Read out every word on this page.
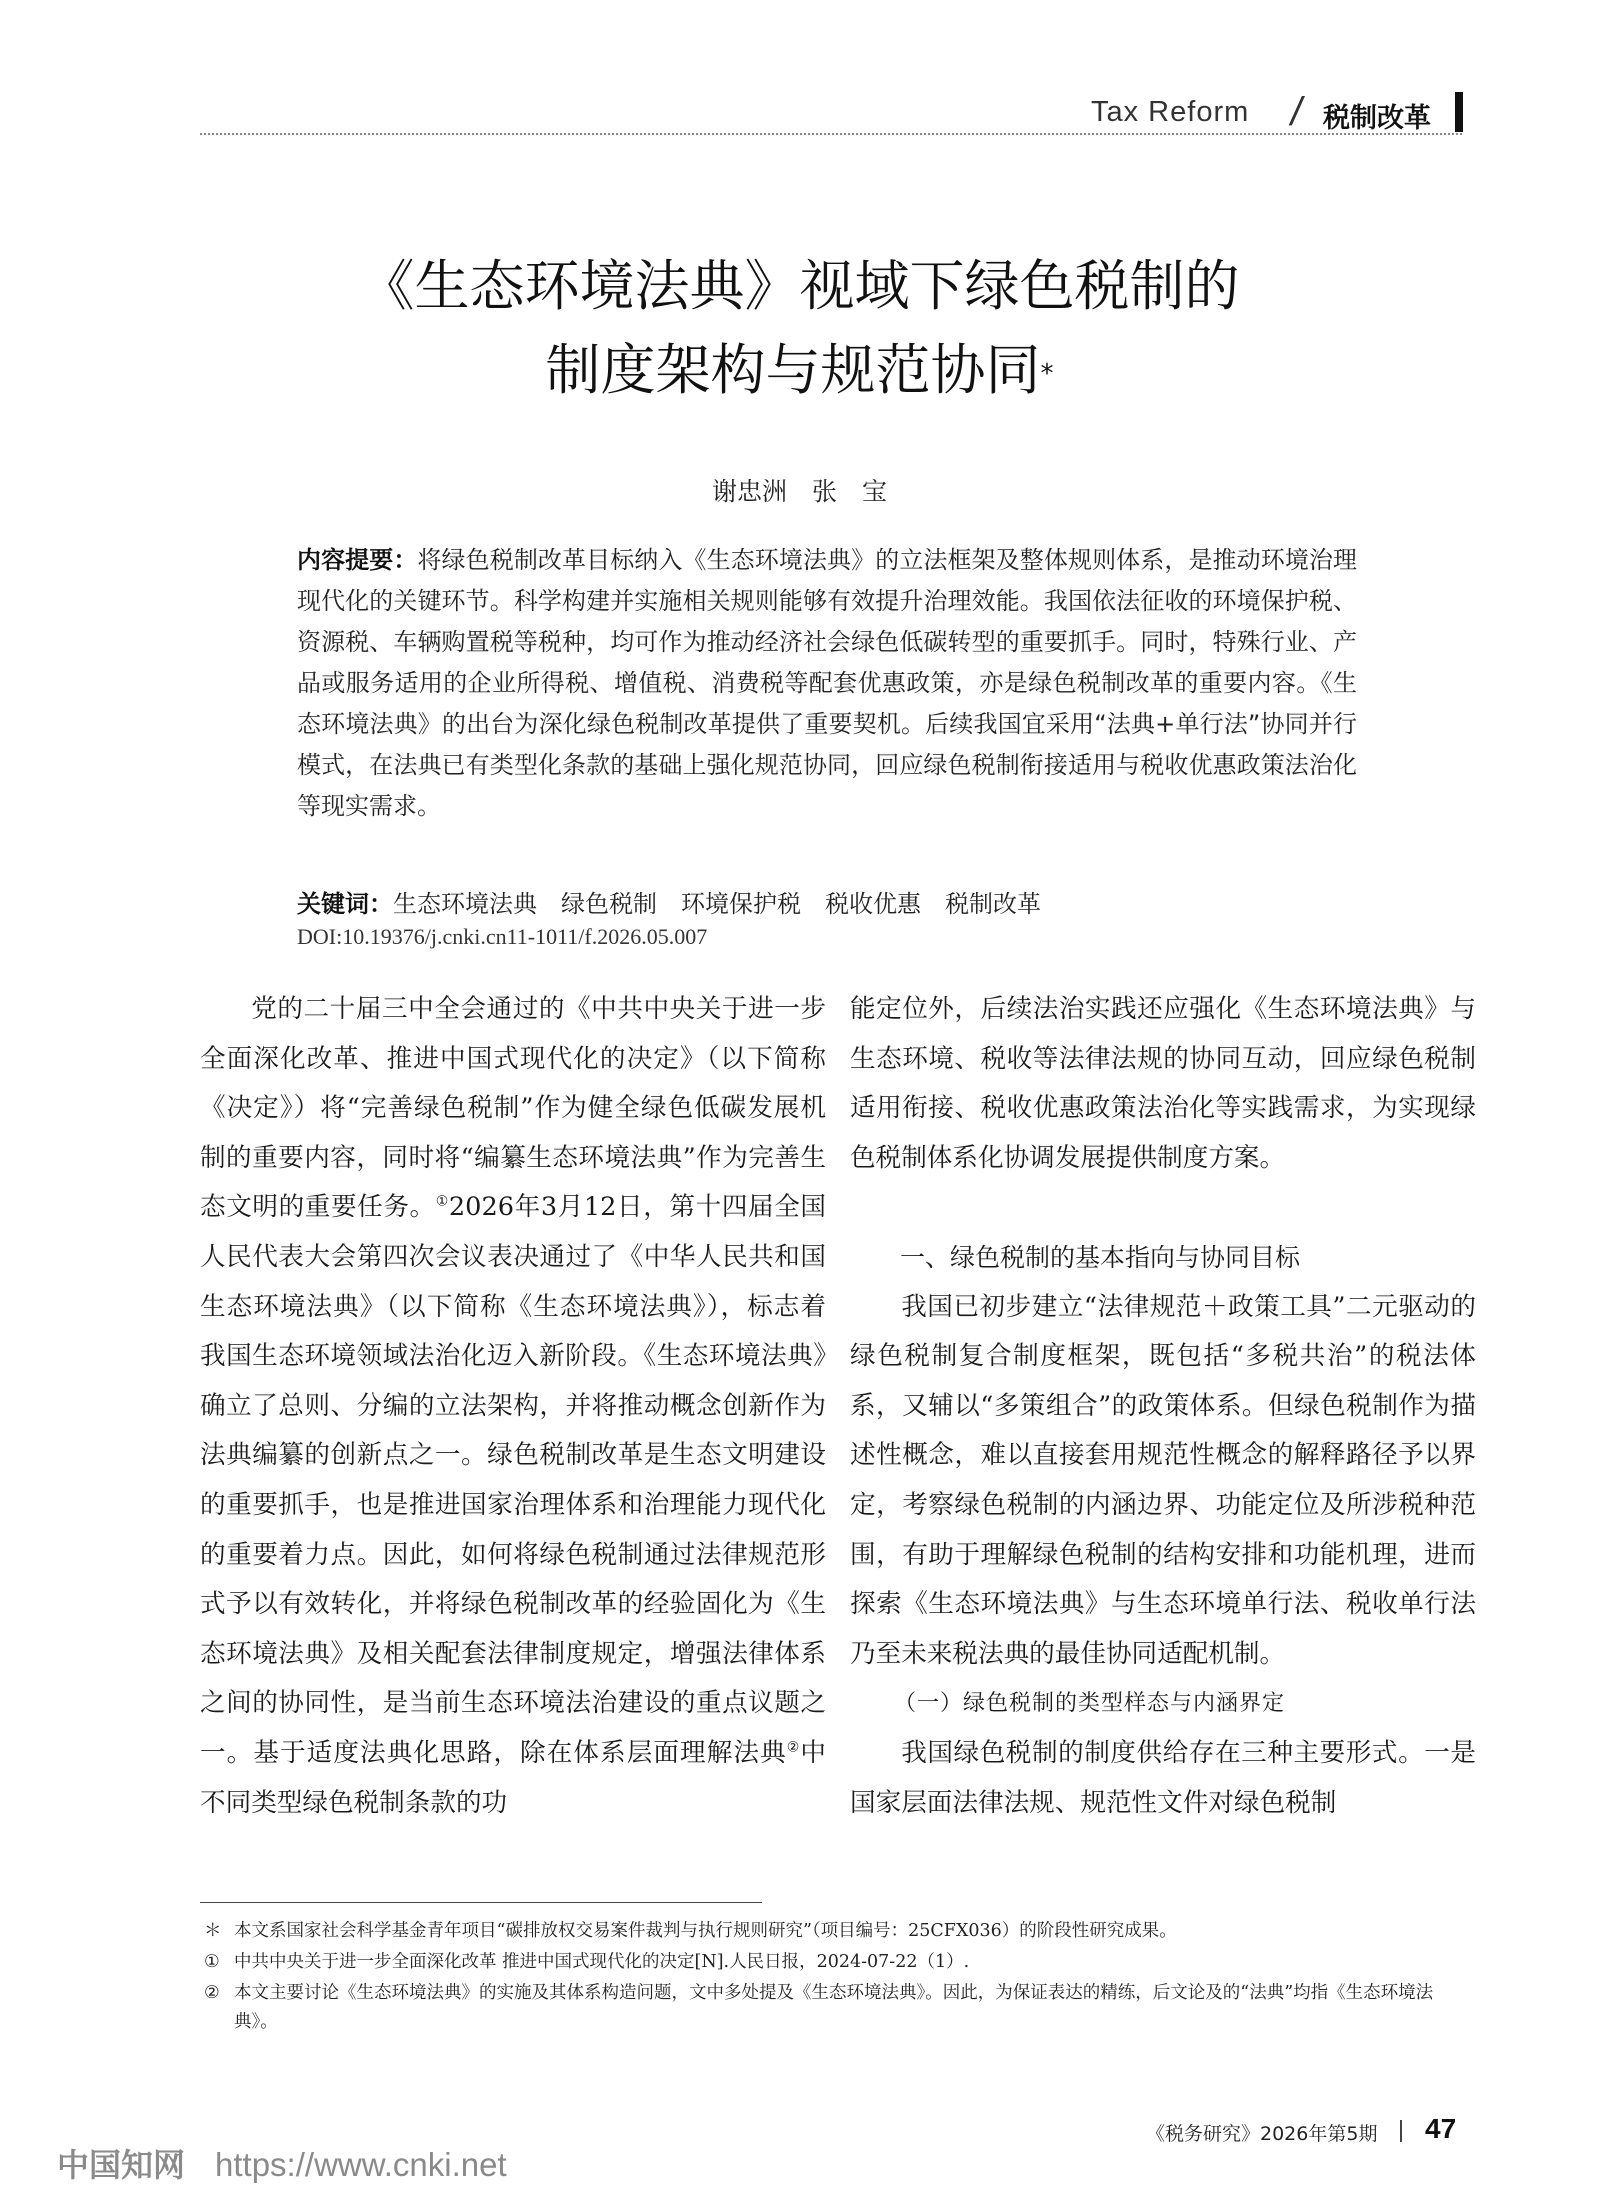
Tax Reform / 税制改革
《生态环境法典》视域下绿色税制的
制度架构与规范协同*
谢忠洲　张　宝
内容提要：将绿色税制改革目标纳入《生态环境法典》的立法框架及整体规则体系，是推动环境治理现代化的关键环节。科学构建并实施相关规则能够有效提升治理效能。我国依法征收的环境保护税、资源税、车辆购置税等税种，均可作为推动经济社会绿色低碳转型的重要抓手。同时，特殊行业、产品或服务适用的企业所得税、增值税、消费税等配套优惠政策，亦是绿色税制改革的重要内容。《生态环境法典》的出台为深化绿色税制改革提供了重要契机。后续我国宜采用“法典+单行法”协同并行模式，在法典已有类型化条款的基础上强化规范协同，回应绿色税制衔接适用与税收优惠政策法治化等现实需求。
关键词：生态环境法典 绿色税制 环境保护税 税收优惠 税制改革
DOI:10.19376/j.cnki.cn11-1011/f.2026.05.007

党的二十届三中全会通过的《中共中央关于进一步全面深化改革、推进中国式现代化的决定》（以下简称《决定》）将“完善绿色税制”作为健全绿色低碳发展机制的重要内容，同时将“编纂生态环境法典”作为完善生态文明的重要任务。①2026年3月12日，第十四届全国人民代表大会第四次会议表决通过了《中华人民共和国生态环境法典》（以下简称《生态环境法典》），标志着我国生态环境领域法治化迈入新阶段。《生态环境法典》确立了总则、分编的立法架构，并将推动概念创新作为法典编纂的创新点之一。绿色税制改革是生态文明建设的重要抓手，也是推进国家治理体系和治理能力现代化的重要着力点。因此，如何将绿色税制通过法律规范形式予以有效转化，并将绿色税制改革的经验固化为《生态环境法典》及相关配套法律制度规定，增强法律体系之间的协同性，是当前生态环境法治建设的重点议题之一。基于适度法典化思路，除在体系层面理解法典②中不同类型绿色税制条款的功

能定位外，后续法治实践还应强化《生态环境法典》与生态环境、税收等法律法规的协同互动，回应绿色税制适用衔接、税收优惠政策法治化等实践需求，为实现绿色税制体系化协调发展提供制度方案。

一、绿色税制的基本指向与协同目标

我国已初步建立“法律规范＋政策工具”二元驱动的绿色税制复合制度框架，既包括“多税共治”的税法体系，又辅以“多策组合”的政策体系。但绿色税制作为描述性概念，难以直接套用规范性概念的解释路径予以界定，考察绿色税制的内涵边界、功能定位及所涉税种范围，有助于理解绿色税制的结构安排和功能机理，进而探索《生态环境法典》与生态环境单行法、税收单行法乃至未来税法典的最佳协同适配机制。

（一）绿色税制的类型样态与内涵界定

我国绿色税制的制度供给存在三种主要形式。一是国家层面法律法规、规范性文件对绿色税制

＊ 本文系国家社会科学基金青年项目“碳排放权交易案件裁判与执行规则研究”（项目编号：25CFX036）的阶段性研究成果。
① 中共中央关于进一步全面深化改革 推进中国式现代化的决定[N].人民日报，2024-07-22（1）.
② 本文主要讨论《生态环境法典》的实施及其体系构造问题，文中多处提及《生态环境法典》。因此，为保证表达的精练，后文论及的“法典”均指《生态环境法典》。
《税务研究》2026年第5期 47
中国知网 https://www.cnki.net
